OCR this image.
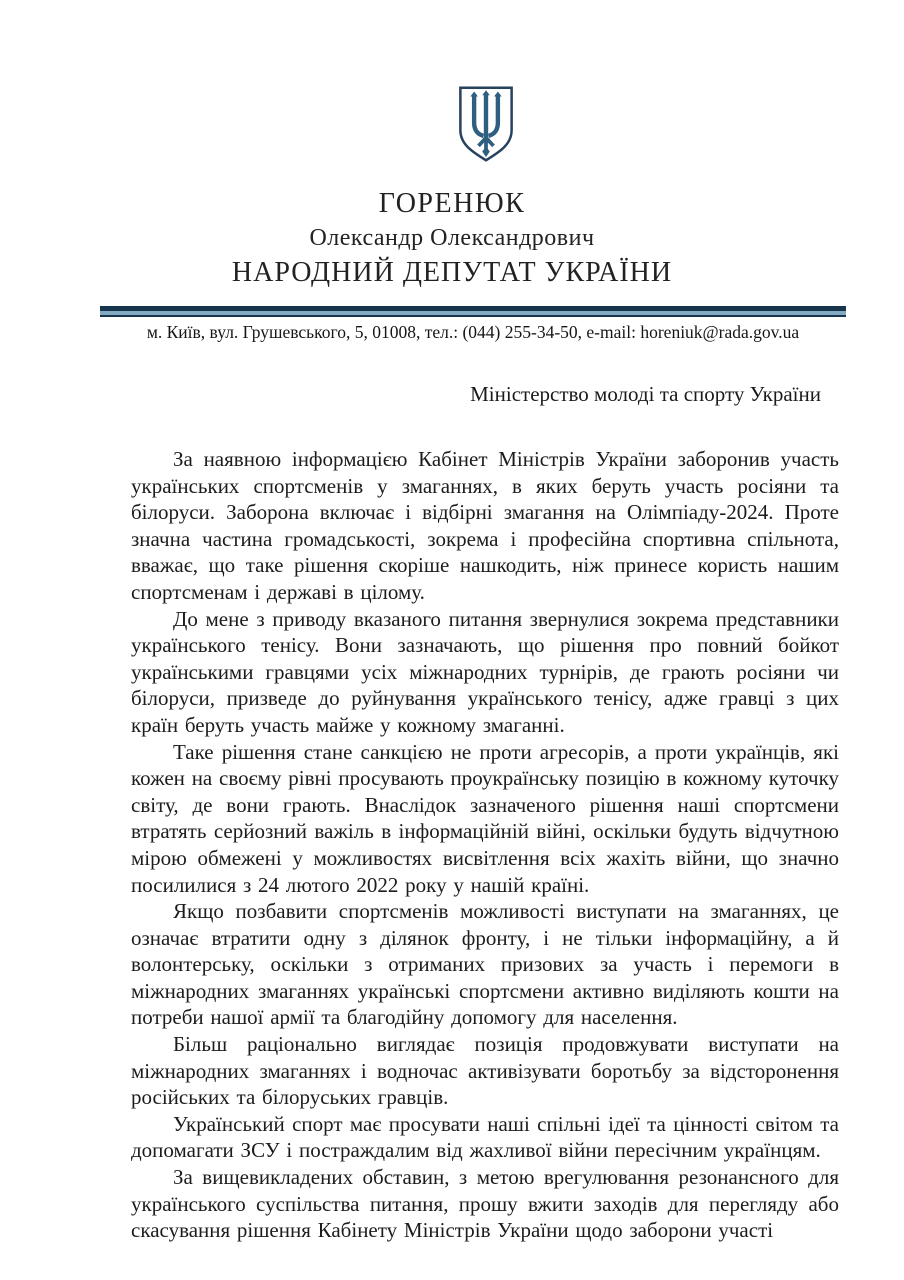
ГОРЕНЮК
Олександр Олександрович
НАРОДНИЙ ДЕПУТАТ УКРАЇНИ
м. Київ, вул. Грушевського, 5, 01008, тел.: (044) 255-34-50, e-mail: horeniuk@rada.gov.ua
Міністерство молоді та спорту України

За наявною інформацією Кабінет Міністрів України заборонив участь українських спортсменів у змаганнях, в яких беруть участь росіяни та білоруси. Заборона включає і відбірні змагання на Олімпіаду-2024. Проте значна частина громадськості, зокрема і професійна спортивна спільнота, вважає, що таке рішення скоріше нашкодить, ніж принесе користь нашим спортсменам і державі в цілому.

До мене з приводу вказаного питання звернулися зокрема представники українського тенісу. Вони зазначають, що рішення про повний бойкот українськими гравцями усіх міжнародних турнірів, де грають росіяни чи білоруси, призведе до руйнування українського тенісу, адже гравці з цих країн беруть участь майже у кожному змаганні.

Таке рішення стане санкцією не проти агресорів, а проти українців, які кожен на своєму рівні просувають проукраїнську позицію в кожному куточку світу, де вони грають. Внаслідок зазначеного рішення наші спортсмени втратять серйозний важіль в інформаційній війні, оскільки будуть відчутною мірою обмежені у можливостях висвітлення всіх жахіть війни, що значно посилилися з 24 лютого 2022 року у нашій країні.

Якщо позбавити спортсменів можливості виступати на змаганнях, це означає втратити одну з ділянок фронту, і не тільки інформаційну, а й волонтерську, оскільки з отриманих призових за участь і перемоги в міжнародних змаганнях українські спортсмени активно виділяють кошти на потреби нашої армії та благодійну допомогу для населення.

Більш раціонально виглядає позиція продовжувати виступати на міжнародних змаганнях і водночас активізувати боротьбу за відсторонення російських та білоруських гравців.

Український спорт має просувати наші спільні ідеї та цінності світом та допомагати ЗСУ і постраждалим від жахливої війни пересічним українцям.

За вищевикладених обставин, з метою врегулювання резонансного для українського суспільства питання, прошу вжити заходів для перегляду або скасування рішення Кабінету Міністрів України щодо заборони участі
